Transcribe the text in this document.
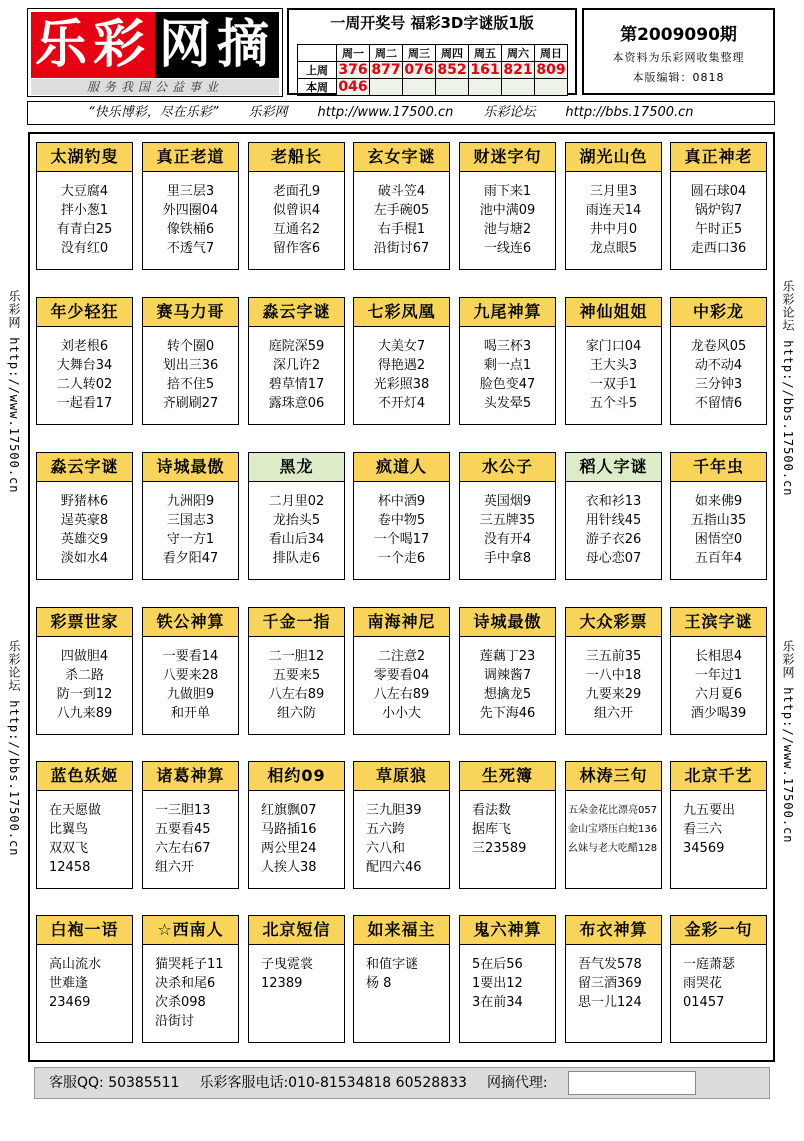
乐彩 网摘
服务我国公益事业
一周开奖号 福彩3D字谜版1版
	周一	周二	周三	周四	周五	周六	周日
上周	376	877	076	852	161	821	809
本周	046						
第2009090期
本资料为乐彩网收集整理
本版编辑：0818
“快乐博彩，尽在乐彩” 乐彩网 http://www.17500.cn 乐彩论坛 http://bbs.17500.cn
乐彩网 http://www.17500.cn
乐彩论坛 http://bbs.17500.cn
乐彩论坛 http://bbs.17500.cn
乐彩网 http://www.17500.cn
太湖钓叟
大豆腐4
拌小葱1
有青白25
没有红0
真正老道
里三层3
外四圈04
像铁桶6
不透气7
老船长
老面孔9
似曾识4
互通名2
留作客6
玄女字谜
破斗笠4
左手碗05
右手棍1
沿街讨67
财迷字句
雨下来1
池中满09
池与塘2
一线连6
湖光山色
三月里3
雨连天14
井中月0
龙点眼5
真正神老
圆石球04
锅炉钩7
午时正5
走西口36
年少轻狂
刘老根6
大舞台34
二人转02
一起看17
赛马力哥
转个圈0
划出三36
掊不住5
齐刷刷27
淼云字谜
庭院深59
深几许2
碧草情17
露珠意06
七彩凤凰
大美女7
得艳遇2
光彩照38
不开灯4
九尾神算
喝三杯3
剩一点1
脸色变47
头发晕5
神仙姐姐
家门口04
王大头3
一双手1
五个斗5
中彩龙
龙卷风05
动不动4
三分钟3
不留情6
淼云字谜
野猪林6
逞英豪8
英雄交9
淡如水4
诗城最傲
九洲阳9
三国志3
守一方1
看夕阳47
黑龙
二月里02
龙抬头5
看山后34
排队走6
疯道人
杯中酒9
卷中物5
一个喝17
一个走6
水公子
英国烟9
三五牌35
没有开4
手中拿8
稻人字谜
衣和衫13
用针线45
游子衣26
母心恋07
千年虫
如来佛9
五指山35
困悟空0
五百年4
彩票世家
四做胆4
杀二路
防一到12
八九来89
铁公神算
一要看14
八要来28
九做胆9
和开单
千金一指
二一胆12
五要来5
八左右89
组六防
南海神尼
二注意2
零要看04
八左右89
小小大
诗城最傲
莲藕丁23
调辣酱7
想擒龙5
先下海46
大众彩票
三五前35
一八中18
九要来29
组六开
王滨字谜
长相思4
一年过1
六月夏6
酒少喝39
蓝色妖姬
在天愿做
比翼鸟
双双飞
12458
诸葛神算
一三胆13
五要看45
六左右67
组六开
相约09
红旗飘07
马路插16
两公里24
人挨人38
草原狼
三九胆39
五六跨
六八和
配四六46
生死簿
看法数
据库飞
三23589
林涛三句
五朵金花比漂亮057
金山宝塔压白蛇136
幺妹与老大吃醋128
北京千艺
九五要出
看三六
34569
白袍一语
高山流水
世难逢
23469
☆西南人
猫哭耗子11
决杀和尾6
次杀098
沿街讨
北京短信
子曳霓裳
12389
如来福主
和值字谜
杨 8
鬼六神算
5在后56
1要出12
3在前34
布衣神算
吾气发578
留三酒369
思一儿124
金彩一句
一庭萧瑟
雨哭花
01457
客服QQ: 50385511 乐彩客服电话:010-81534818 60528833 网摘代理:
